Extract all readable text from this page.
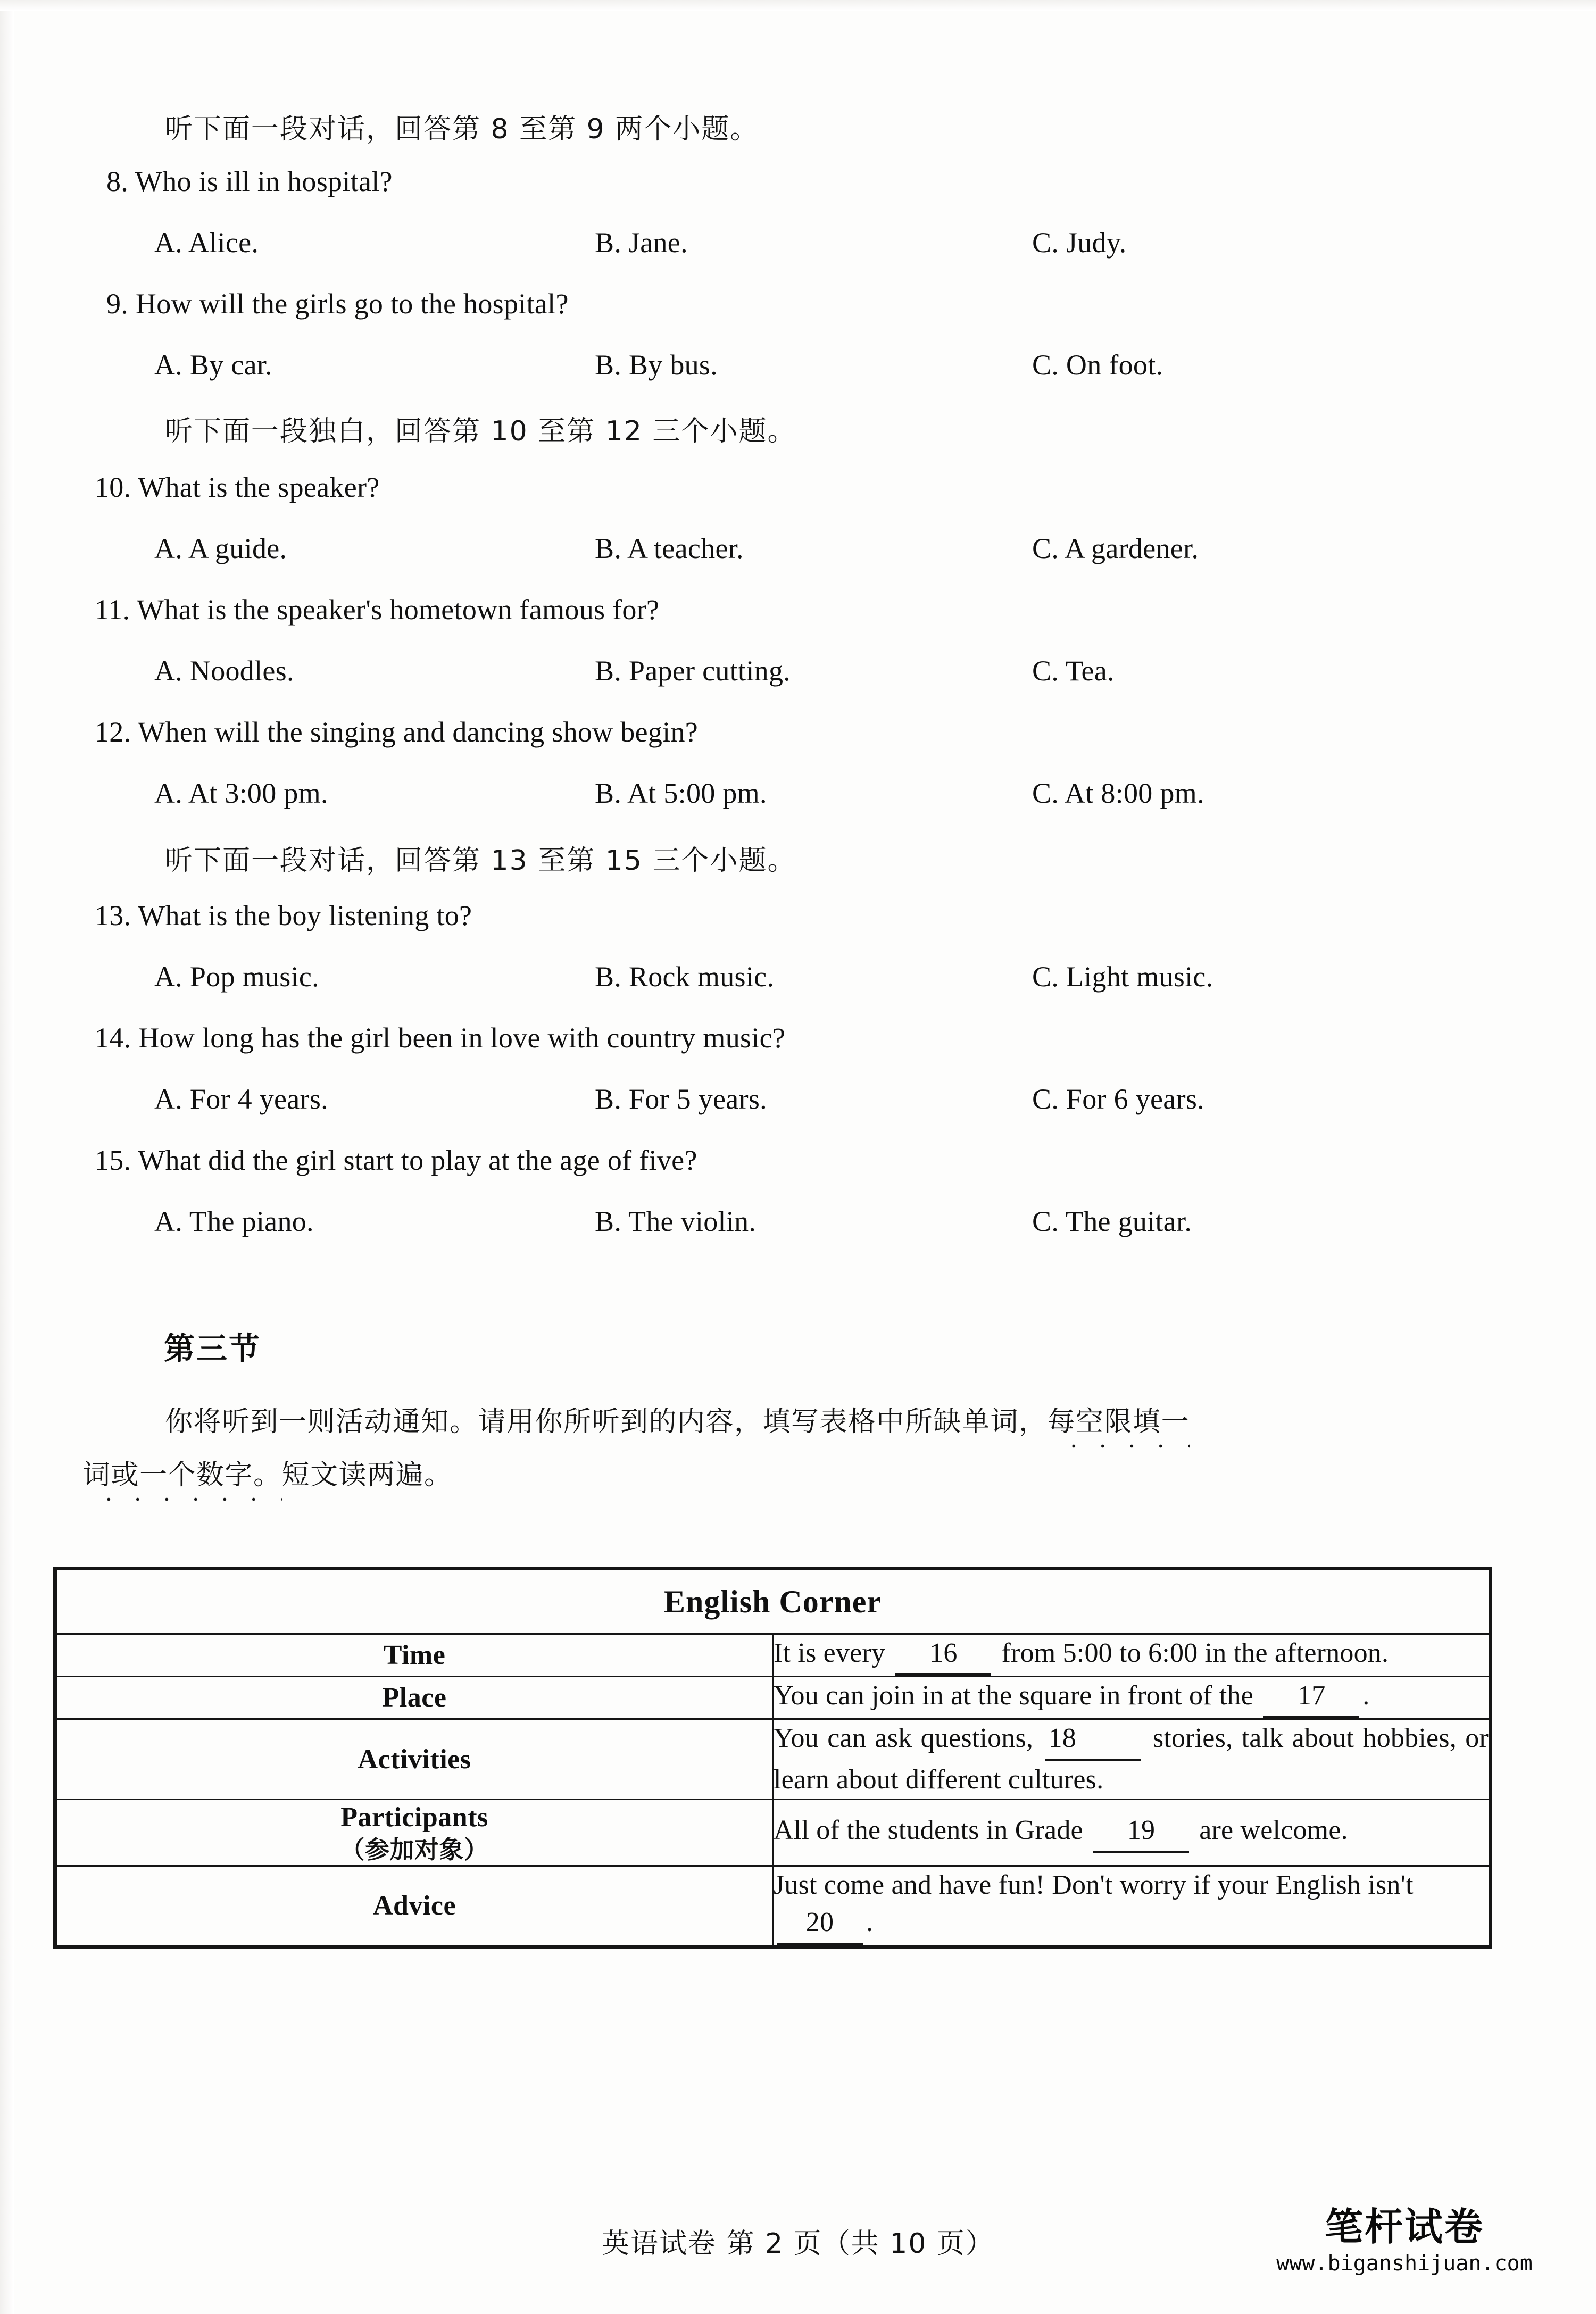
听下面一段对话，回答第 8 至第 9 两个小题。
8. Who is ill in hospital?
A. Alice.	B. Jane.	C. Judy.
9. How will the girls go to the hospital?
A. By car.	B. By bus.	C. On foot.
听下面一段独白，回答第 10 至第 12 三个小题。
10. What is the speaker?
A. A guide.	B. A teacher.	C. A gardener.
11. What is the speaker's hometown famous for?
A. Noodles.	B. Paper cutting.	C. Tea.
12. When will the singing and dancing show begin?
A. At 3:00 pm.	B. At 5:00 pm.	C. At 8:00 pm.
听下面一段对话，回答第 13 至第 15 三个小题。
13. What is the boy listening to?
A. Pop music.	B. Rock music.	C. Light music.
14. How long has the girl been in love with country music?
A. For 4 years.	B. For 5 years.	C. For 6 years.
15. What did the girl start to play at the age of five?
A. The piano.	B. The violin.	C. The guitar.
第三节
你将听到一则活动通知。请用你所听到的内容，填写表格中所缺单词，每空限填一
词或一个数字。短文读两遍。
English Corner	
Time	It is every 16 from 5:00 to 6:00 in the afternoon.
Place	You can join in at the square in front of the 17 .
Activities	You can ask questions, 18 stories, talk about hobbies, or learn about different cultures.
Participants
（参加对象）	All of the students in Grade 19 are welcome.
Advice	Just come and have fun! Don't worry if your English isn't 20 .
英语试卷 第 2 页（共 10 页）	笔杆试卷
www.biganshijuan.com
